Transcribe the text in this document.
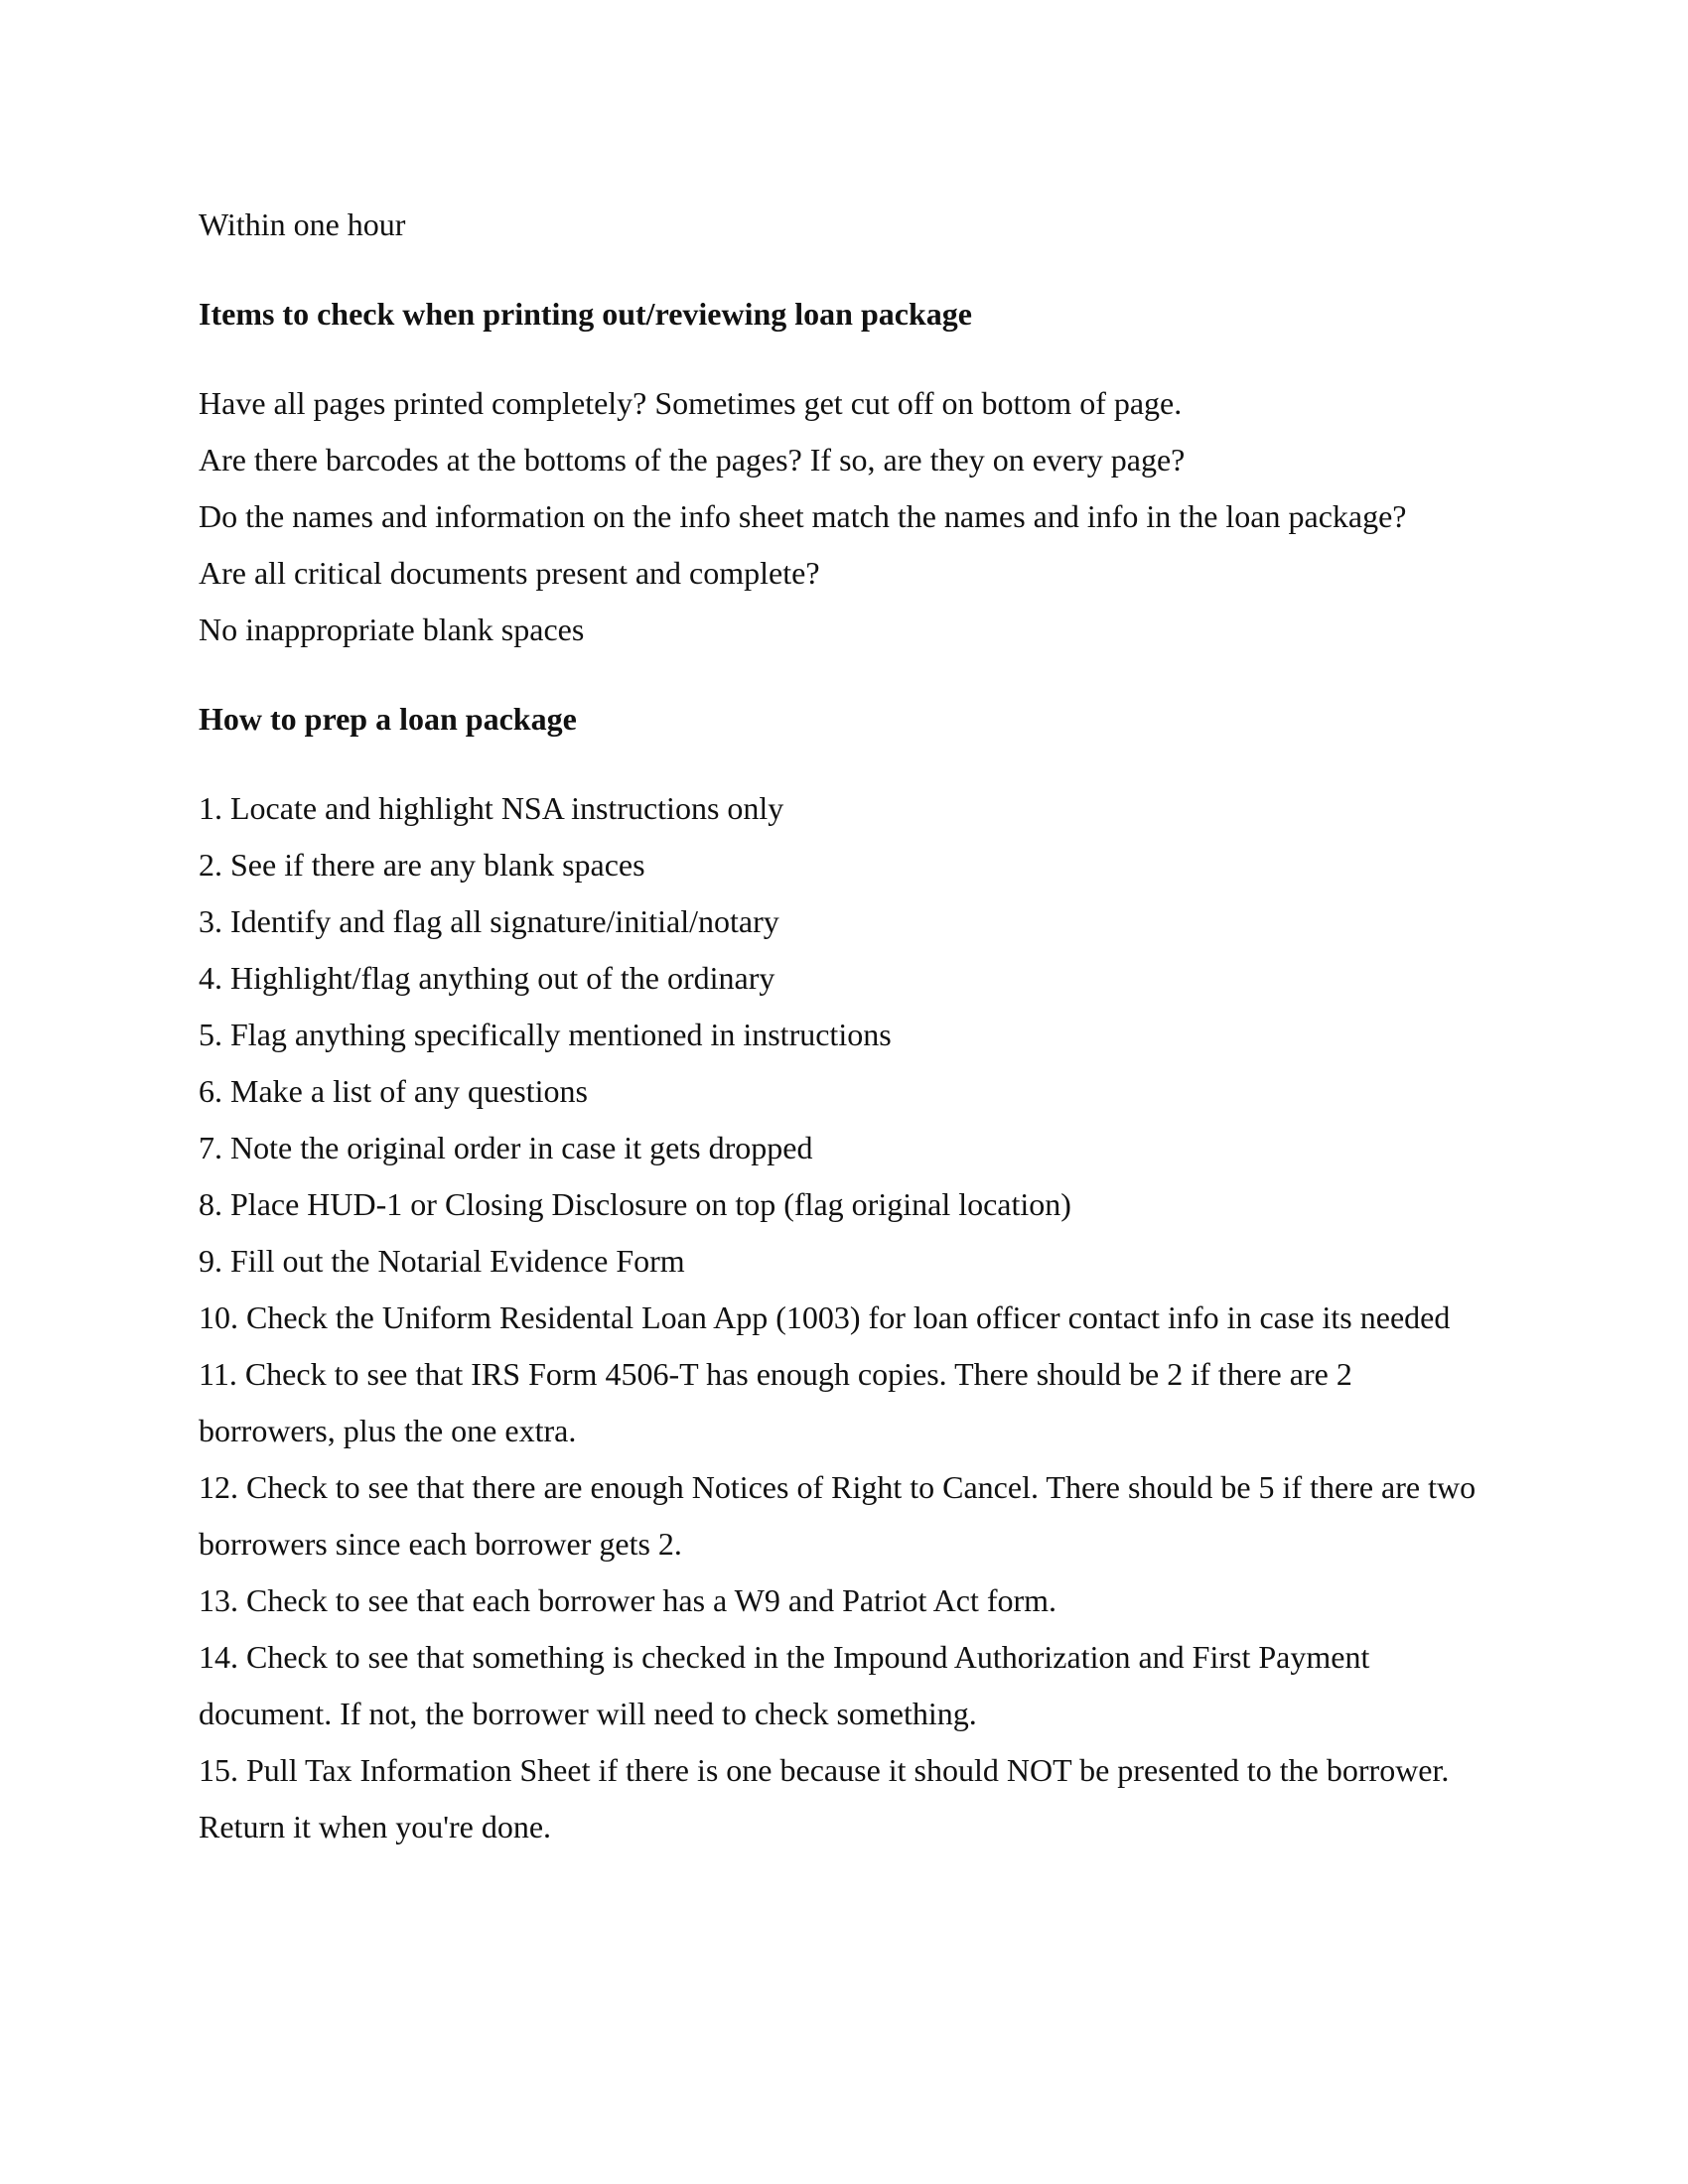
Within one hour

Items to check when printing out/reviewing loan package

Have all pages printed completely? Sometimes get cut off on bottom of page.
Are there barcodes at the bottoms of the pages? If so, are they on every page?
Do the names and information on the info sheet match the names and info in the loan package?
Are all critical documents present and complete?
No inappropriate blank spaces

How to prep a loan package

1. Locate and highlight NSA instructions only
2. See if there are any blank spaces
3. Identify and flag all signature/initial/notary
4. Highlight/flag anything out of the ordinary
5. Flag anything specifically mentioned in instructions
6. Make a list of any questions
7. Note the original order in case it gets dropped
8. Place HUD-1 or Closing Disclosure on top (flag original location)
9. Fill out the Notarial Evidence Form
10. Check the Uniform Residental Loan App (1003) for loan officer contact info in case its needed
11. Check to see that IRS Form 4506-T has enough copies. There should be 2 if there are 2 borrowers, plus the one extra.
12. Check to see that there are enough Notices of Right to Cancel. There should be 5 if there are two borrowers since each borrower gets 2.
13. Check to see that each borrower has a W9 and Patriot Act form.
14. Check to see that something is checked in the Impound Authorization and First Payment document. If not, the borrower will need to check something.
15. Pull Tax Information Sheet if there is one because it should NOT be presented to the borrower. Return it when you're done.
